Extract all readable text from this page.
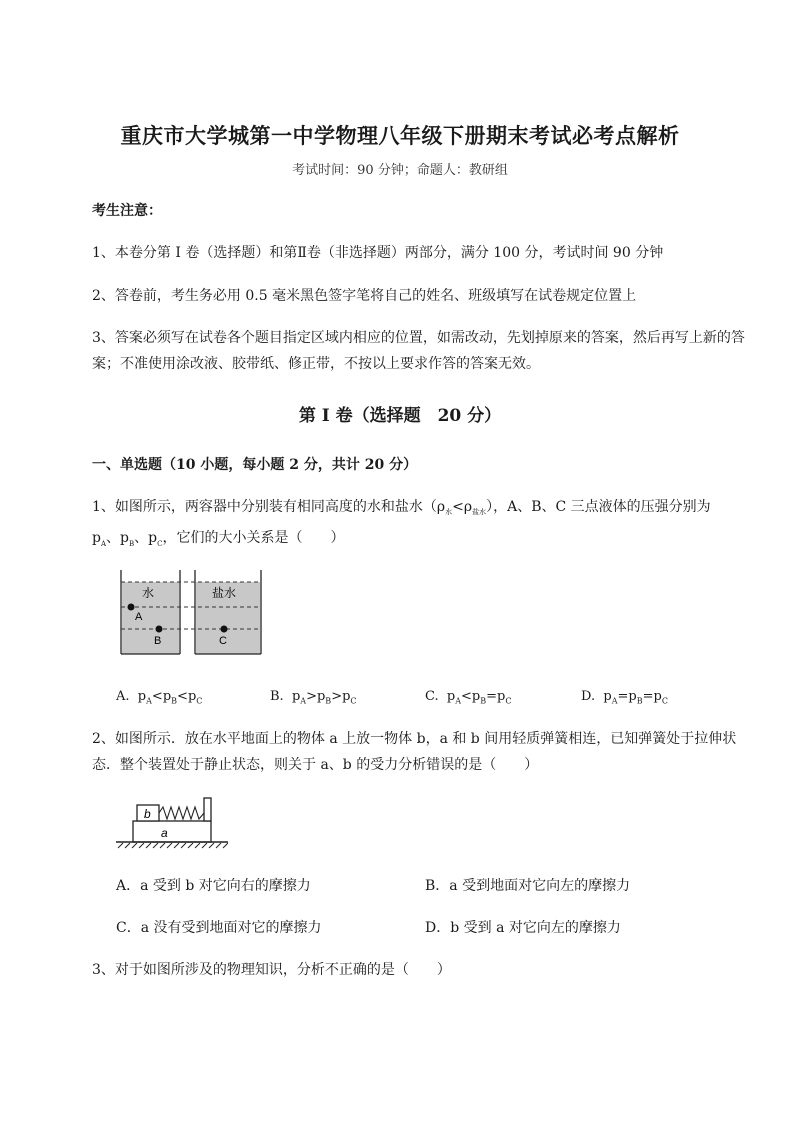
重庆市大学城第一中学物理八年级下册期末考试必考点解析
考试时间：90 分钟；命题人：教研组
考生注意：
1、本卷分第 I 卷（选择题）和第Ⅱ卷（非选择题）两部分，满分 100 分，考试时间 90 分钟
2、答卷前，考生务必用 0.5 毫米黑色签字笔将自己的姓名、班级填写在试卷规定位置上
3、答案必须写在试卷各个题目指定区域内相应的位置，如需改动，先划掉原来的答案，然后再写上新的答案；不准使用涂改液、胶带纸、修正带，不按以上要求作答的答案无效。
第 I 卷（选择题　20 分）
一、单选题（10 小题，每小题 2 分，共计 20 分）
1、如图所示，两容器中分别装有相同高度的水和盐水$(\rho_水<\rho_{盐水})$，A、B、C 三点液体的压强分别为
$p_A$、$p_B$、$p_C$，它们的大小关系是（　　）
水	盐水
A
B	C
A. $p_A<p_B<p_C$	B. $p_A>p_B>p_C$	C. $p_A<p_B=p_C$	D. $p_A=p_B=p_C$
2、如图所示．放在水平地面上的物体 a 上放一物体 b，a 和 b 间用轻质弹簧相连，已知弹簧处于拉伸状态．整个装置处于静止状态，则关于 a、b 的受力分析错误的是（　　）
b
a
A．a 受到 b 对它向右的摩擦力	B．a 受到地面对它向左的摩擦力
C．a 没有受到地面对它的摩擦力	D．b 受到 a 对它向左的摩擦力
3、对于如图所涉及的物理知识，分析不正确的是（　　）
